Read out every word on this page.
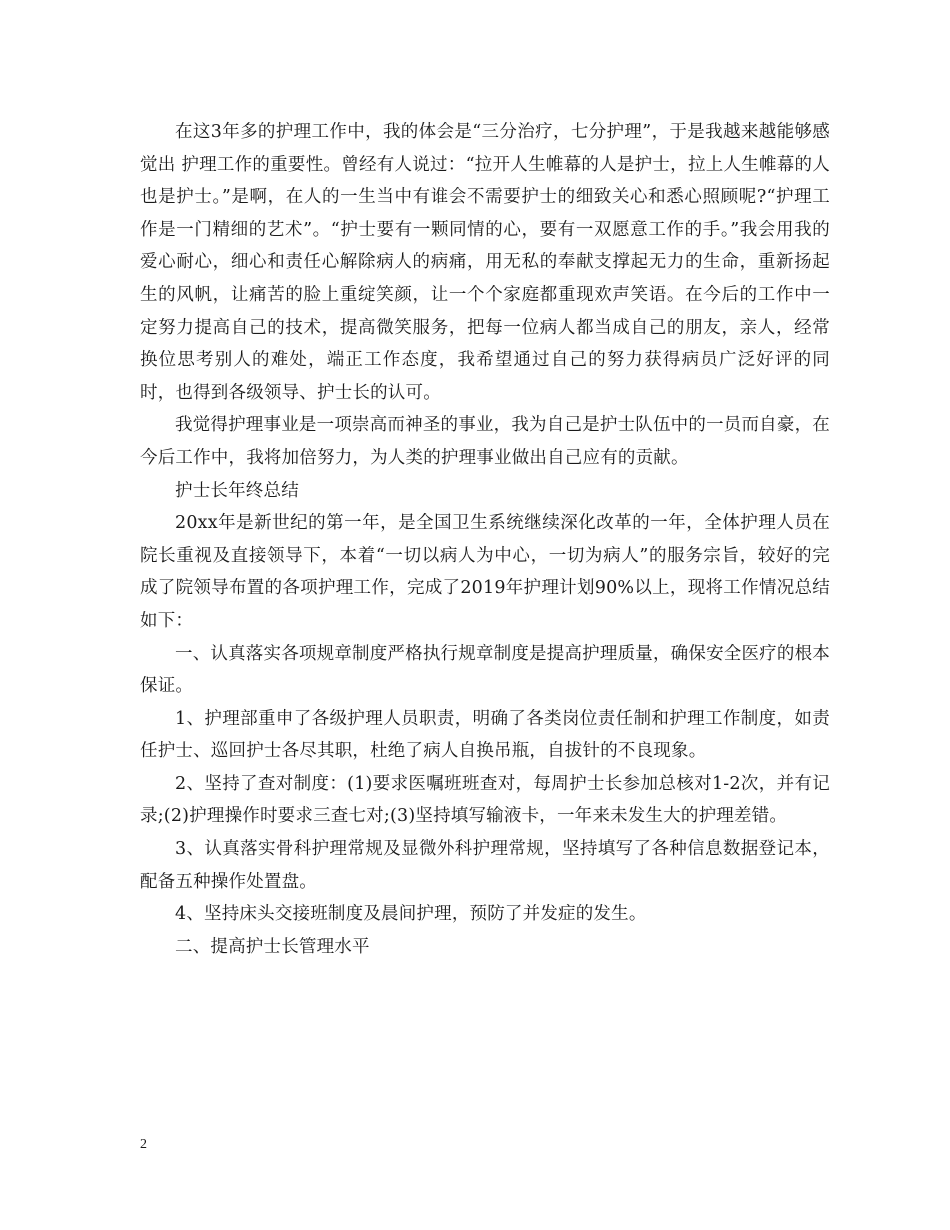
在这3年多的护理工作中，我的体会是“三分治疗，七分护理”，于是我越来越能够感觉出 护理工作的重要性。曾经有人说过：“拉开人生帷幕的人是护士，拉上人生帷幕的人也是护士。”是啊，在人的一生当中有谁会不需要护士的细致关心和悉心照顾呢?“护理工作是一门精细的艺术”。“护士要有一颗同情的心，要有一双愿意工作的手。”我会用我的爱心耐心，细心和责任心解除病人的病痛，用无私的奉献支撑起无力的生命，重新扬起生的风帆，让痛苦的脸上重绽笑颜，让一个个家庭都重现欢声笑语。在今后的工作中一定努力提高自己的技术，提高微笑服务，把每一位病人都当成自己的朋友，亲人，经常换位思考别人的难处，端正工作态度，我希望通过自己的努力获得病员广泛好评的同时，也得到各级领导、护士长的认可。

我觉得护理事业是一项崇高而神圣的事业，我为自己是护士队伍中的一员而自豪，在今后工作中，我将加倍努力，为人类的护理事业做出自己应有的贡献。

护士长年终总结

20xx年是新世纪的第一年，是全国卫生系统继续深化改革的一年，全体护理人员在院长重视及直接领导下，本着“一切以病人为中心，一切为病人”的服务宗旨，较好的完成了院领导布置的各项护理工作，完成了2019年护理计划90%以上，现将工作情况总结如下：

一、认真落实各项规章制度严格执行规章制度是提高护理质量，确保安全医疗的根本保证。

1、护理部重申了各级护理人员职责，明确了各类岗位责任制和护理工作制度，如责任护士、巡回护士各尽其职，杜绝了病人自换吊瓶，自拔针的不良现象。

2、坚持了查对制度：(1)要求医嘱班班查对，每周护士长参加总核对1-2次，并有记录;(2)护理操作时要求三查七对;(3)坚持填写输液卡，一年来未发生大的护理差错。

3、认真落实骨科护理常规及显微外科护理常规，坚持填写了各种信息数据登记本，配备五种操作处置盘。

4、坚持床头交接班制度及晨间护理，预防了并发症的发生。

二、提高护士长管理水平

2
